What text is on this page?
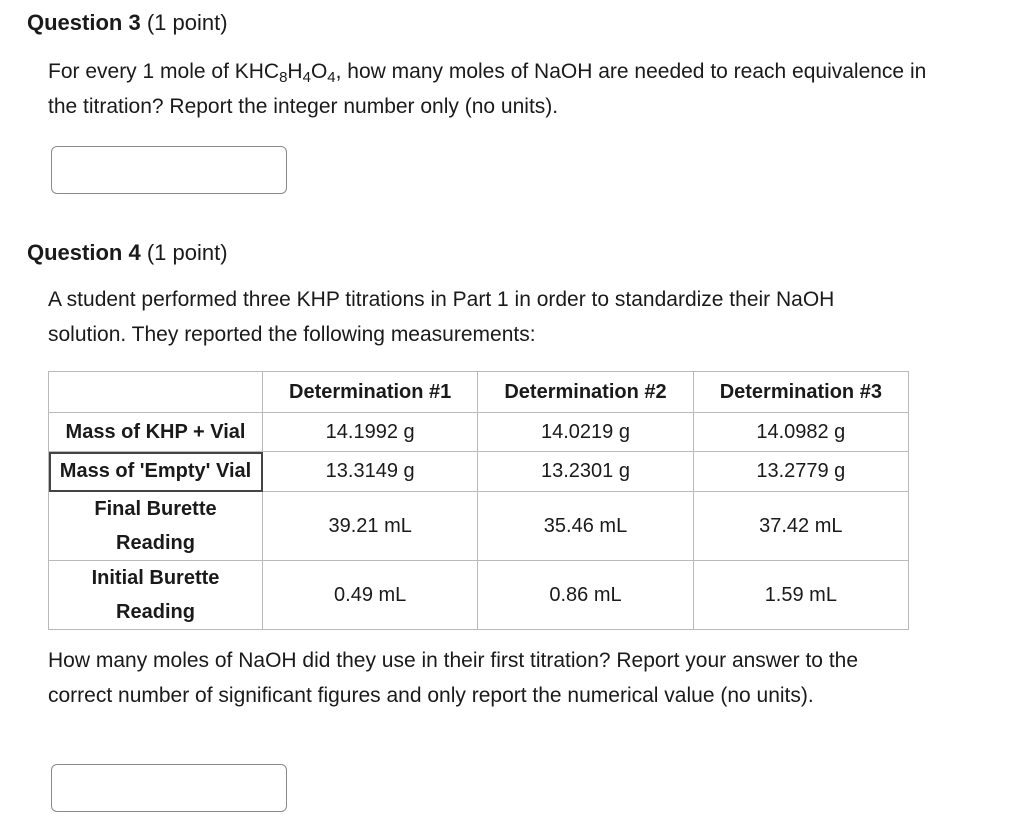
Question 3 (1 point)
For every 1 mole of $KHC_8H_4O_4$, how many moles of NaOH are needed to reach equivalence in the titration? Report the integer number only (no units).
Question 4 (1 point)
A student performed three KHP titrations in Part 1 in order to standardize their NaOH solution. They reported the following measurements:
	Determination #1	Determination #2	Determination #3
Mass of KHP + Vial	14.1992 g	14.0219 g	14.0982 g
Mass of 'Empty' Vial	13.3149 g	13.2301 g	13.2779 g

Final Burette
Reading	39.21 mL	35.46 mL	37.42 mL

Initial Burette
Reading	0.49 mL	0.86 mL	1.59 mL
How many moles of NaOH did they use in their first titration? Report your answer to the correct number of significant figures and only report the numerical value (no units).
